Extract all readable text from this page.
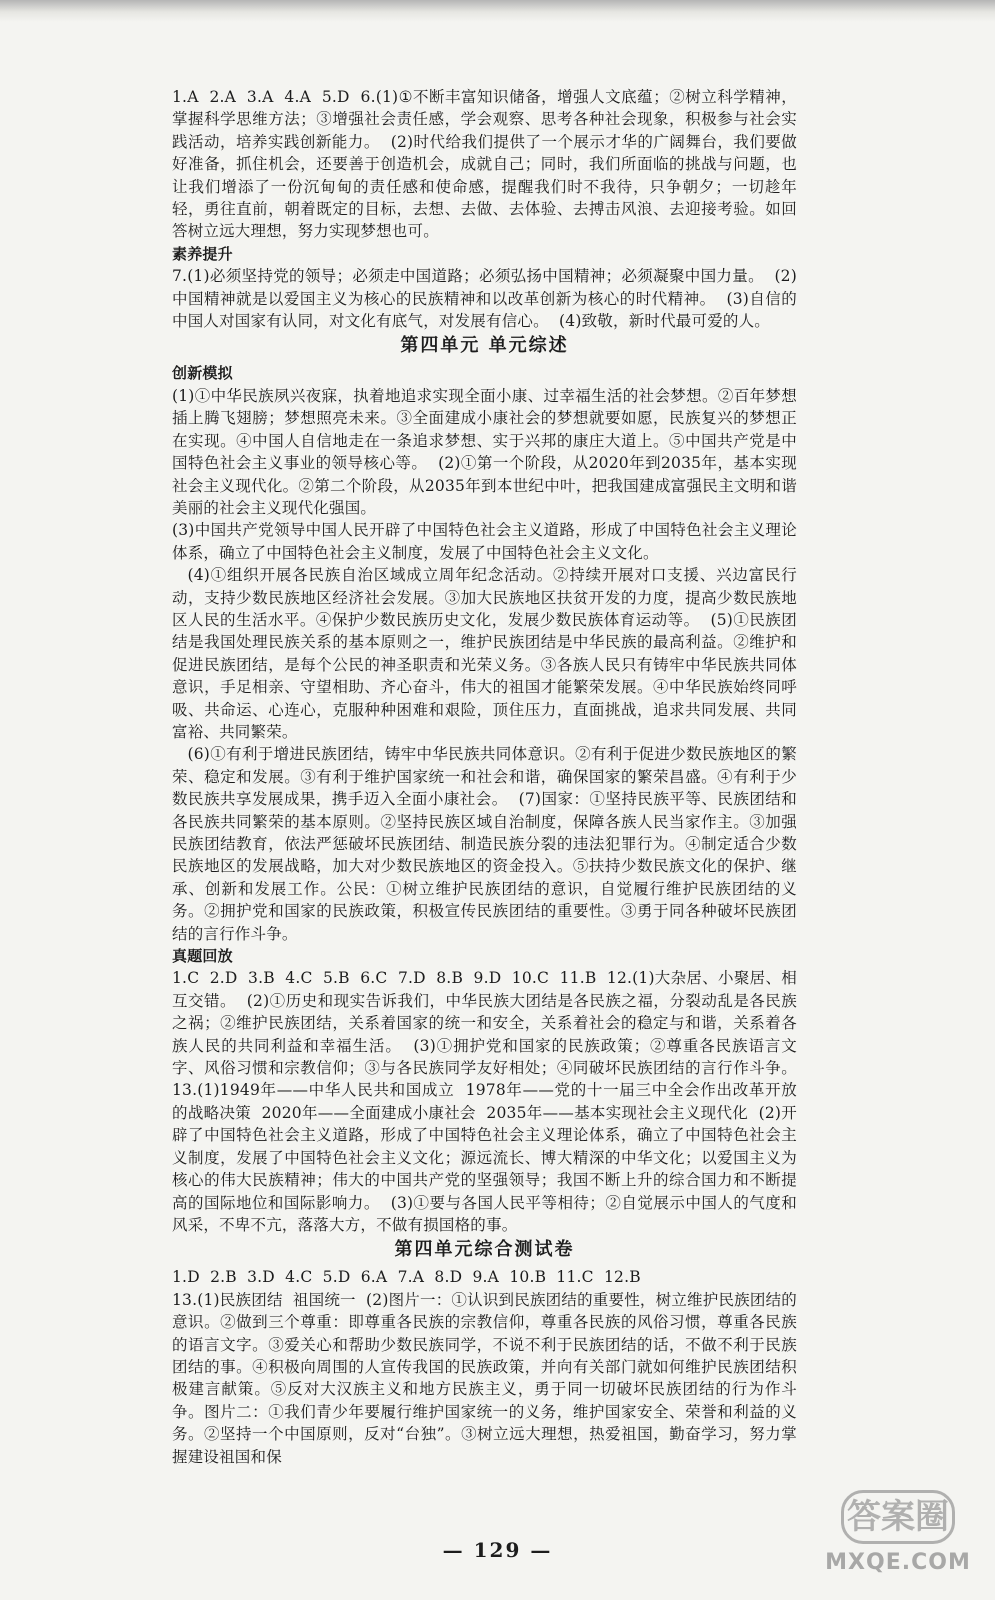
1.A  2.A  3.A  4.A  5.D  6.(1)①不断丰富知识储备，增强人文底蕴；②树立科学精神，掌握科学思维方法；③增强社会责任感，学会观察、思考各种社会现象，积极参与社会实践活动，培养实践创新能力。  (2)时代给我们提供了一个展示才华的广阔舞台，我们要做好准备，抓住机会，还要善于创造机会，成就自己；同时，我们所面临的挑战与问题，也让我们增添了一份沉甸甸的责任感和使命感，提醒我们时不我待，只争朝夕；一切趁年轻，勇往直前，朝着既定的目标，去想、去做、去体验、去搏击风浪、去迎接考验。如回答树立远大理想，努力实现梦想也可。

素养提升

7.(1)必须坚持党的领导；必须走中国道路；必须弘扬中国精神；必须凝聚中国力量。  (2)中国精神就是以爱国主义为核心的民族精神和以改革创新为核心的时代精神。  (3)自信的中国人对国家有认同，对文化有底气，对发展有信心。  (4)致敬，新时代最可爱的人。

第四单元 单元综述
创新模拟

(1)①中华民族夙兴夜寐，执着地追求实现全面小康、过幸福生活的社会梦想。②百年梦想插上腾飞翅膀；梦想照亮未来。③全面建成小康社会的梦想就要如愿，民族复兴的梦想正在实现。④中国人自信地走在一条追求梦想、实于兴邦的康庄大道上。⑤中国共产党是中国特色社会主义事业的领导核心等。  (2)①第一个阶段，从2020年到2035年，基本实现社会主义现代化。②第二个阶段，从2035年到本世纪中叶，把我国建成富强民主文明和谐美丽的社会主义现代化强国。

(3)中国共产党领导中国人民开辟了中国特色社会主义道路，形成了中国特色社会主义理论体系，确立了中国特色社会主义制度，发展了中国特色社会主义文化。

(4)①组织开展各民族自治区域成立周年纪念活动。②持续开展对口支援、兴边富民行动，支持少数民族地区经济社会发展。③加大民族地区扶贫开发的力度，提高少数民族地区人民的生活水平。④保护少数民族历史文化，发展少数民族体育运动等。  (5)①民族团结是我国处理民族关系的基本原则之一，维护民族团结是中华民族的最高利益。②维护和促进民族团结，是每个公民的神圣职责和光荣义务。③各族人民只有铸牢中华民族共同体意识，手足相亲、守望相助、齐心奋斗，伟大的祖国才能繁荣发展。④中华民族始终同呼吸、共命运、心连心，克服种种困难和艰险，顶住压力，直面挑战，追求共同发展、共同富裕、共同繁荣。

(6)①有利于增进民族团结，铸牢中华民族共同体意识。②有利于促进少数民族地区的繁荣、稳定和发展。③有利于维护国家统一和社会和谐，确保国家的繁荣昌盛。④有利于少数民族共享发展成果，携手迈入全面小康社会。  (7)国家：①坚持民族平等、民族团结和各民族共同繁荣的基本原则。②坚持民族区域自治制度，保障各族人民当家作主。③加强民族团结教育，依法严惩破坏民族团结、制造民族分裂的违法犯罪行为。④制定适合少数民族地区的发展战略，加大对少数民族地区的资金投入。⑤扶持少数民族文化的保护、继承、创新和发展工作。公民：①树立维护民族团结的意识，自觉履行维护民族团结的义务。②拥护党和国家的民族政策，积极宣传民族团结的重要性。③勇于同各种破坏民族团结的言行作斗争。

真题回放

1.C  2.D  3.B  4.C  5.B  6.C  7.D  8.B  9.D  10.C  11.B  12.(1)大杂居、小聚居、相互交错。  (2)①历史和现实告诉我们，中华民族大团结是各民族之福，分裂动乱是各民族之祸；②维护民族团结，关系着国家的统一和安全，关系着社会的稳定与和谐，关系着各族人民的共同利益和幸福生活。  (3)①拥护党和国家的民族政策；②尊重各民族语言文字、风俗习惯和宗教信仰；③与各民族同学友好相处；④同破坏民族团结的言行作斗争。  13.(1)1949年——中华人民共和国成立  1978年——党的十一届三中全会作出改革开放的战略决策  2020年——全面建成小康社会  2035年——基本实现社会主义现代化  (2)开辟了中国特色社会主义道路，形成了中国特色社会主义理论体系，确立了中国特色社会主义制度，发展了中国特色社会主义文化；源远流长、博大精深的中华文化；以爱国主义为核心的伟大民族精神；伟大的中国共产党的坚强领导；我国不断上升的综合国力和不断提高的国际地位和国际影响力。  (3)①要与各国人民平等相待；②自觉展示中国人的气度和风采，不卑不亢，落落大方，不做有损国格的事。

第四单元综合测试卷

1.D  2.B  3.D  4.C  5.D  6.A  7.A  8.D  9.A  10.B  11.C  12.B

13.(1)民族团结  祖国统一  (2)图片一：①认识到民族团结的重要性，树立维护民族团结的意识。②做到三个尊重：即尊重各民族的宗教信仰，尊重各民族的风俗习惯，尊重各民族的语言文字。③爱关心和帮助少数民族同学，不说不利于民族团结的话，不做不利于民族团结的事。④积极向周围的人宣传我国的民族政策，并向有关部门就如何维护民族团结积极建言献策。⑤反对大汉族主义和地方民族主义，勇于同一切破坏民族团结的行为作斗争。图片二：①我们青少年要履行维护国家统一的义务，维护国家安全、荣誉和利益的义务。②坚持一个中国原则，反对“台独”。③树立远大理想，热爱祖国，勤奋学习，努力掌握建设祖国和保

— 129 —
答案圈
MXQE.COM
